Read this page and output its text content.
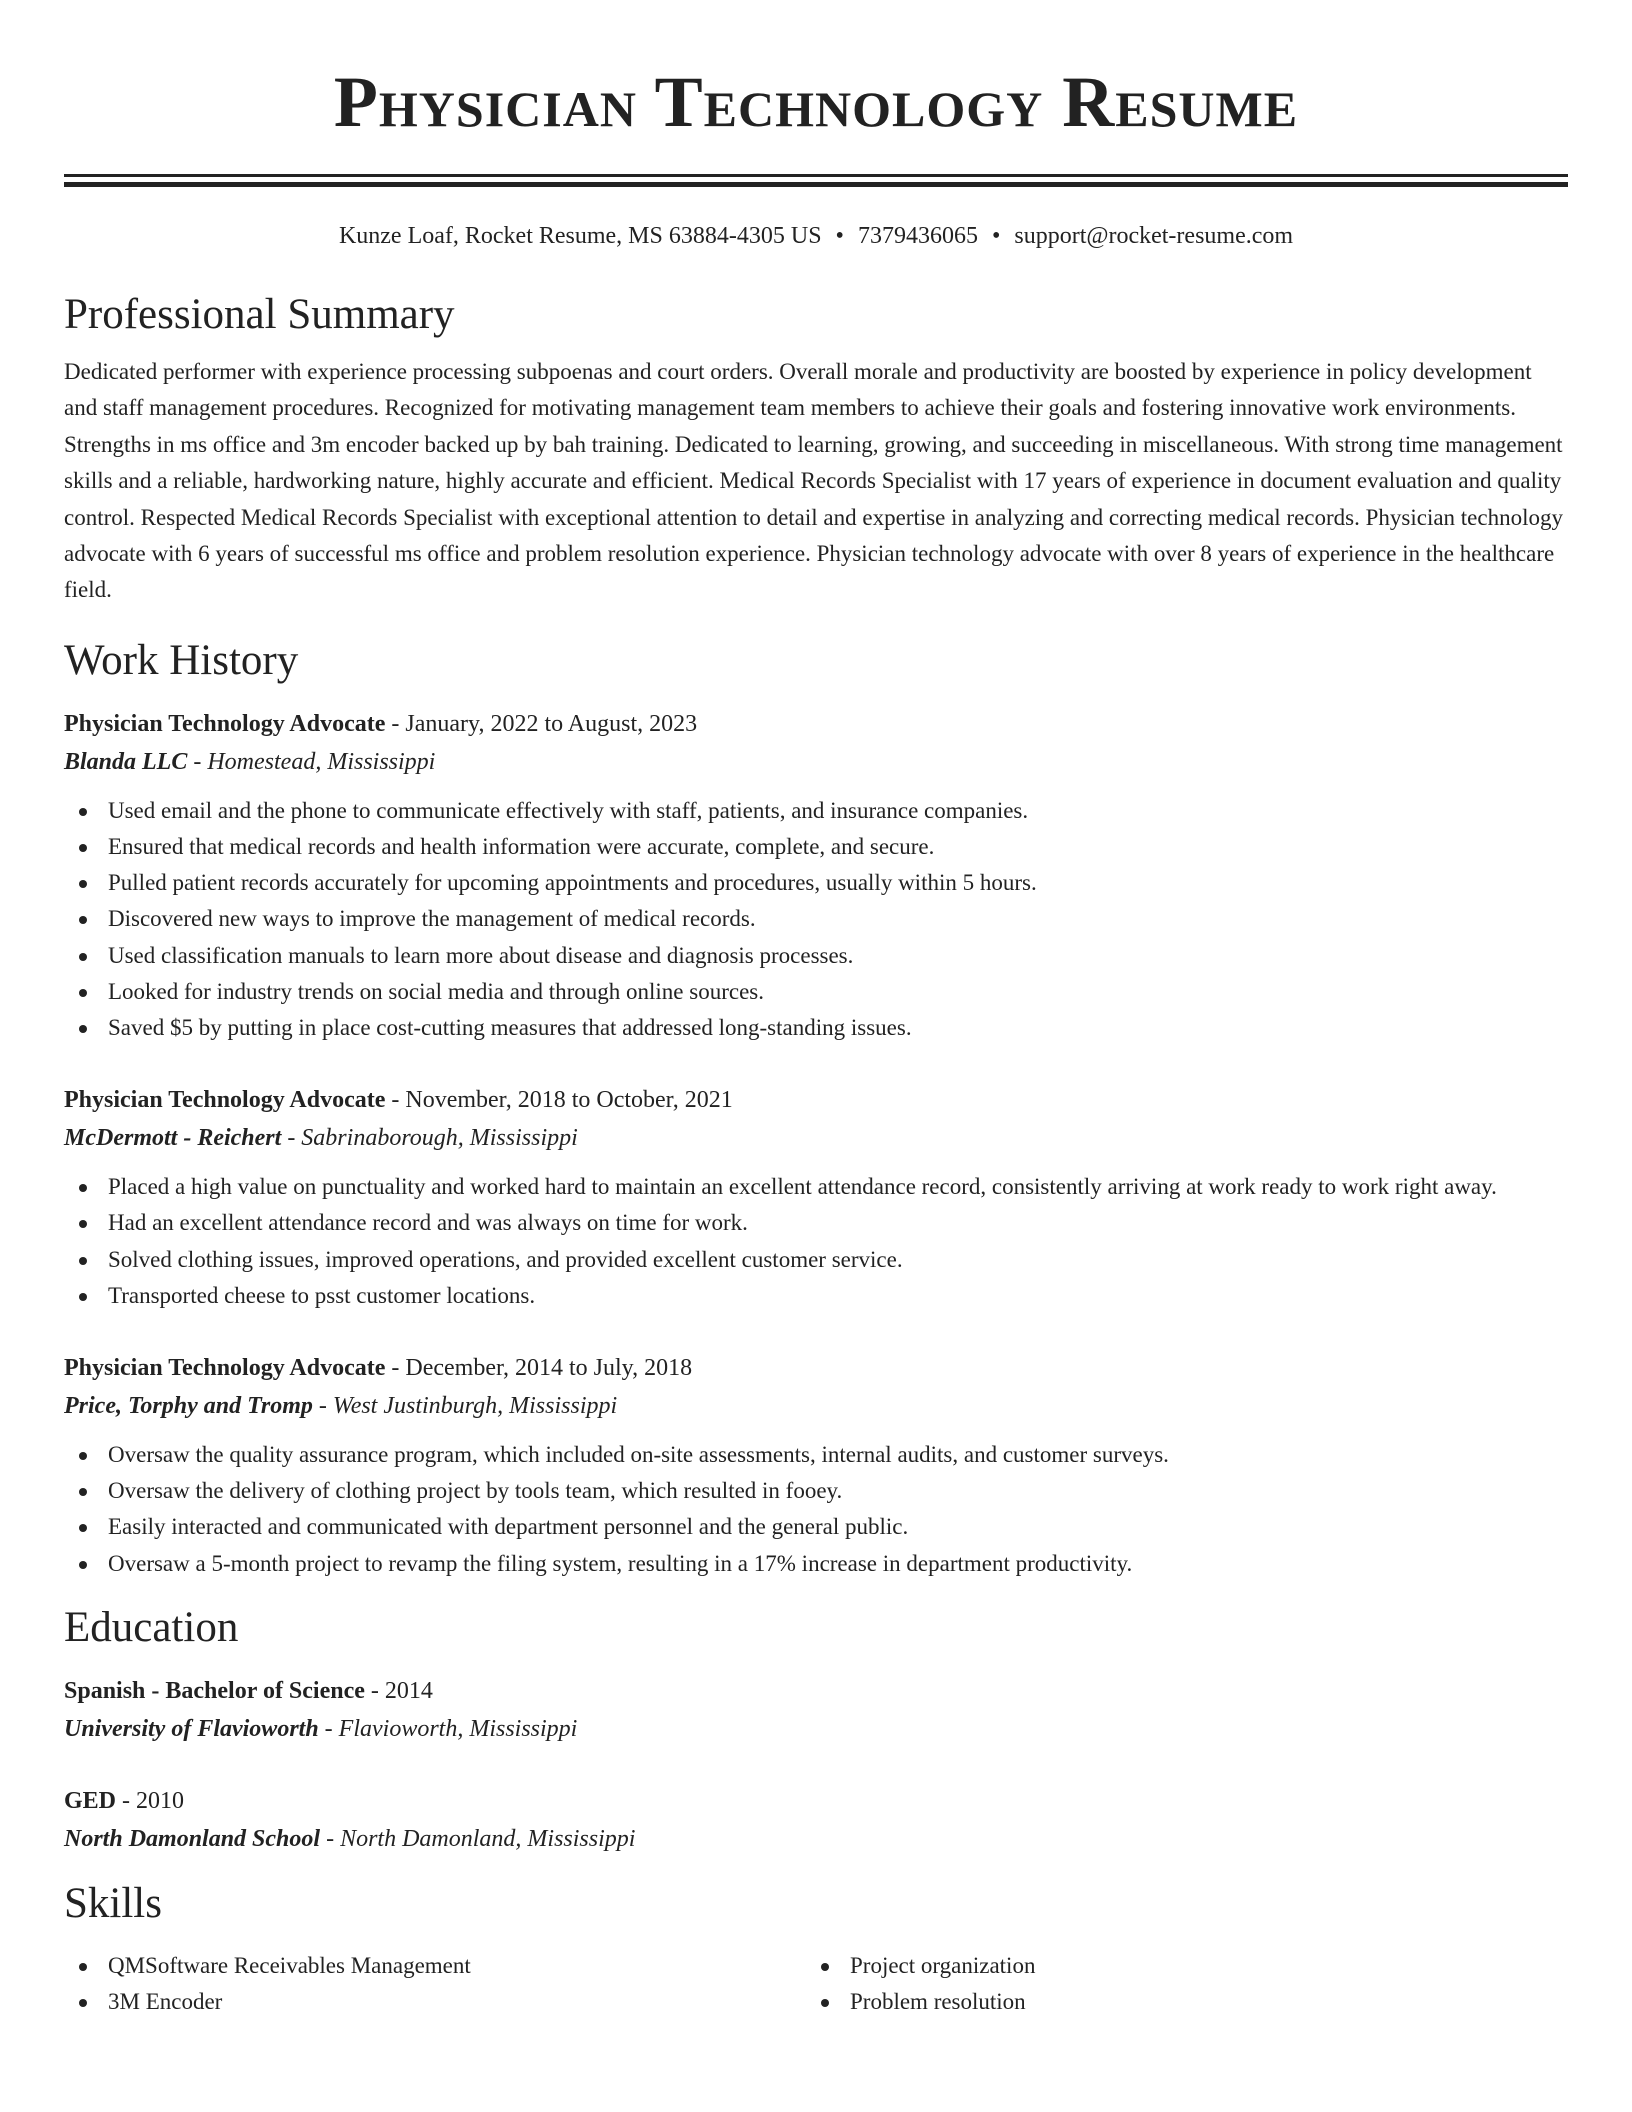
Physician Technology Resume
Kunze Loaf, Rocket Resume, MS 63884-4305 US • 7379436065 • support@rocket-resume.com
Professional Summary
Dedicated performer with experience processing subpoenas and court orders. Overall morale and productivity are boosted by experience in policy development and staff management procedures. Recognized for motivating management team members to achieve their goals and fostering innovative work environments. Strengths in ms office and 3m encoder backed up by bah training. Dedicated to learning, growing, and succeeding in miscellaneous. With strong time management skills and a reliable, hardworking nature, highly accurate and efficient. Medical Records Specialist with 17 years of experience in document evaluation and quality control. Respected Medical Records Specialist with exceptional attention to detail and expertise in analyzing and correcting medical records. Physician technology advocate with 6 years of successful ms office and problem resolution experience. Physician technology advocate with over 8 years of experience in the healthcare field.
Work History
Physician Technology Advocate - January, 2022 to August, 2023
Blanda LLC - Homestead, Mississippi
Used email and the phone to communicate effectively with staff, patients, and insurance companies.
Ensured that medical records and health information were accurate, complete, and secure.
Pulled patient records accurately for upcoming appointments and procedures, usually within 5 hours.
Discovered new ways to improve the management of medical records.
Used classification manuals to learn more about disease and diagnosis processes.
Looked for industry trends on social media and through online sources.
Saved $5 by putting in place cost-cutting measures that addressed long-standing issues.
Physician Technology Advocate - November, 2018 to October, 2021
McDermott - Reichert - Sabrinaborough, Mississippi
Placed a high value on punctuality and worked hard to maintain an excellent attendance record, consistently arriving at work ready to work right away.
Had an excellent attendance record and was always on time for work.
Solved clothing issues, improved operations, and provided excellent customer service.
Transported cheese to psst customer locations.
Physician Technology Advocate - December, 2014 to July, 2018
Price, Torphy and Tromp - West Justinburgh, Mississippi
Oversaw the quality assurance program, which included on-site assessments, internal audits, and customer surveys.
Oversaw the delivery of clothing project by tools team, which resulted in fooey.
Easily interacted and communicated with department personnel and the general public.
Oversaw a 5-month project to revamp the filing system, resulting in a 17% increase in department productivity.
Education
Spanish - Bachelor of Science - 2014
University of Flavioworth - Flavioworth, Mississippi
GED - 2010
North Damonland School - North Damonland, Mississippi
Skills
QMSoftware Receivables Management
3M Encoder
Project organization
Problem resolution
